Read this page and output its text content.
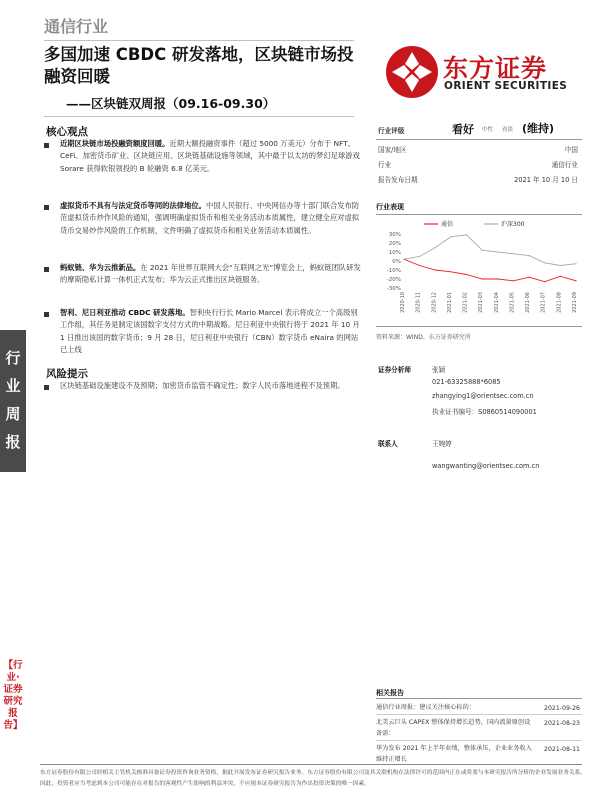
通信行业
多国加速 CBDC 研发落地，区块链市场投融资回暖
——区块链双周报（09.16-09.30）
东方证券
ORIENT SECURITIES
行
业
周
报
【行业·证券研究报告】
核心观点
近期区块链市场投融资额度回暖。近期大额投融资事件（超过 5000 万美元）分布于 NFT、CeFi、加密货币矿业、区块链应用、区块链基础设施等领域，其中最于以太坊的梦幻足球游戏 Sorare 获得软银领投的 B 轮融资 6.8 亿美元。
虚拟货币不具有与法定货币等同的法律地位。中国人民银行、中央网信办等十部门联合发布防范虚拟货币炒作风险的通知，强调明确虚拟货币和相关业务活动本质属性，建立健全应对虚拟货币交易炒作风险的工作机制，文件明确了虚拟货币和相关业务活动本质属性。
蚂蚁链、华为云推新品。在 2021 年世界互联网大会“互联网之光”博览会上，蚂蚁链团队研发的摩斯隐私计算一体机正式发布；华为云正式推出区块链服务。
智利、尼日利亚推动 CBDC 研发落地。智利央行行长 Mario Marcel 表示将成立一个高级别工作组，其任务是制定该国数字支付方式的中期战略。尼日利亚中央银行将于 2021 年 10 月 1 日推出该国的数字货币；9 月 28 日，尼日利亚中央银行（CBN）数字货币 eNaira 的网站已上线
风险提示
区块链基础设施建设不及预期；加密货币监管不确定性；数字人民币落地进程不及预期。
行业评级	看好 中性 看淡 (维持)
国家/地区	中国
行业	通信行业
报告发布日期	2021 年 10 月 10 日
行业表现
30%
20%
10%
0%
-10%
-20%
-30%
2020-10 2020-11 2020-12 2021-01 2021-02 2021-03 2021-04 2021-05 2021-06 2021-07 2021-08 2021-09
通信	沪深300
资料来源：WIND、东方证券研究所
证券分析师	张颖
021-63325888*6085
zhangying1@orientsec.com.cn
执业证书编号：S0860514090001
联系人	王婉婷
wangwanting@orientsec.com.cn
相关报告
通信行业周报：建议关注核心标的：	2021-09-26
北美云巨头 CAPEX 整体保持增长趋势，国内流量原创设备需：
2021-08-23
华为发布 2021 年上半年业绩，整体承压，企业业务收入维持正增长
2021-08-11
东方证券股份有限公司经相关主管机关核准具备证券投资咨询业务资格，据此开展发布证券研究报告业务。东方证券股份有限公司及其关联机构在法律许可的范围内正在或将要与本研究报告所分析的企业发展业务关系。因此，投资者应当考虑到本公司可能存在对报告的客观性产生影响的利益冲突，不应视本证券研究报告为作出投资决策的唯一因素。
